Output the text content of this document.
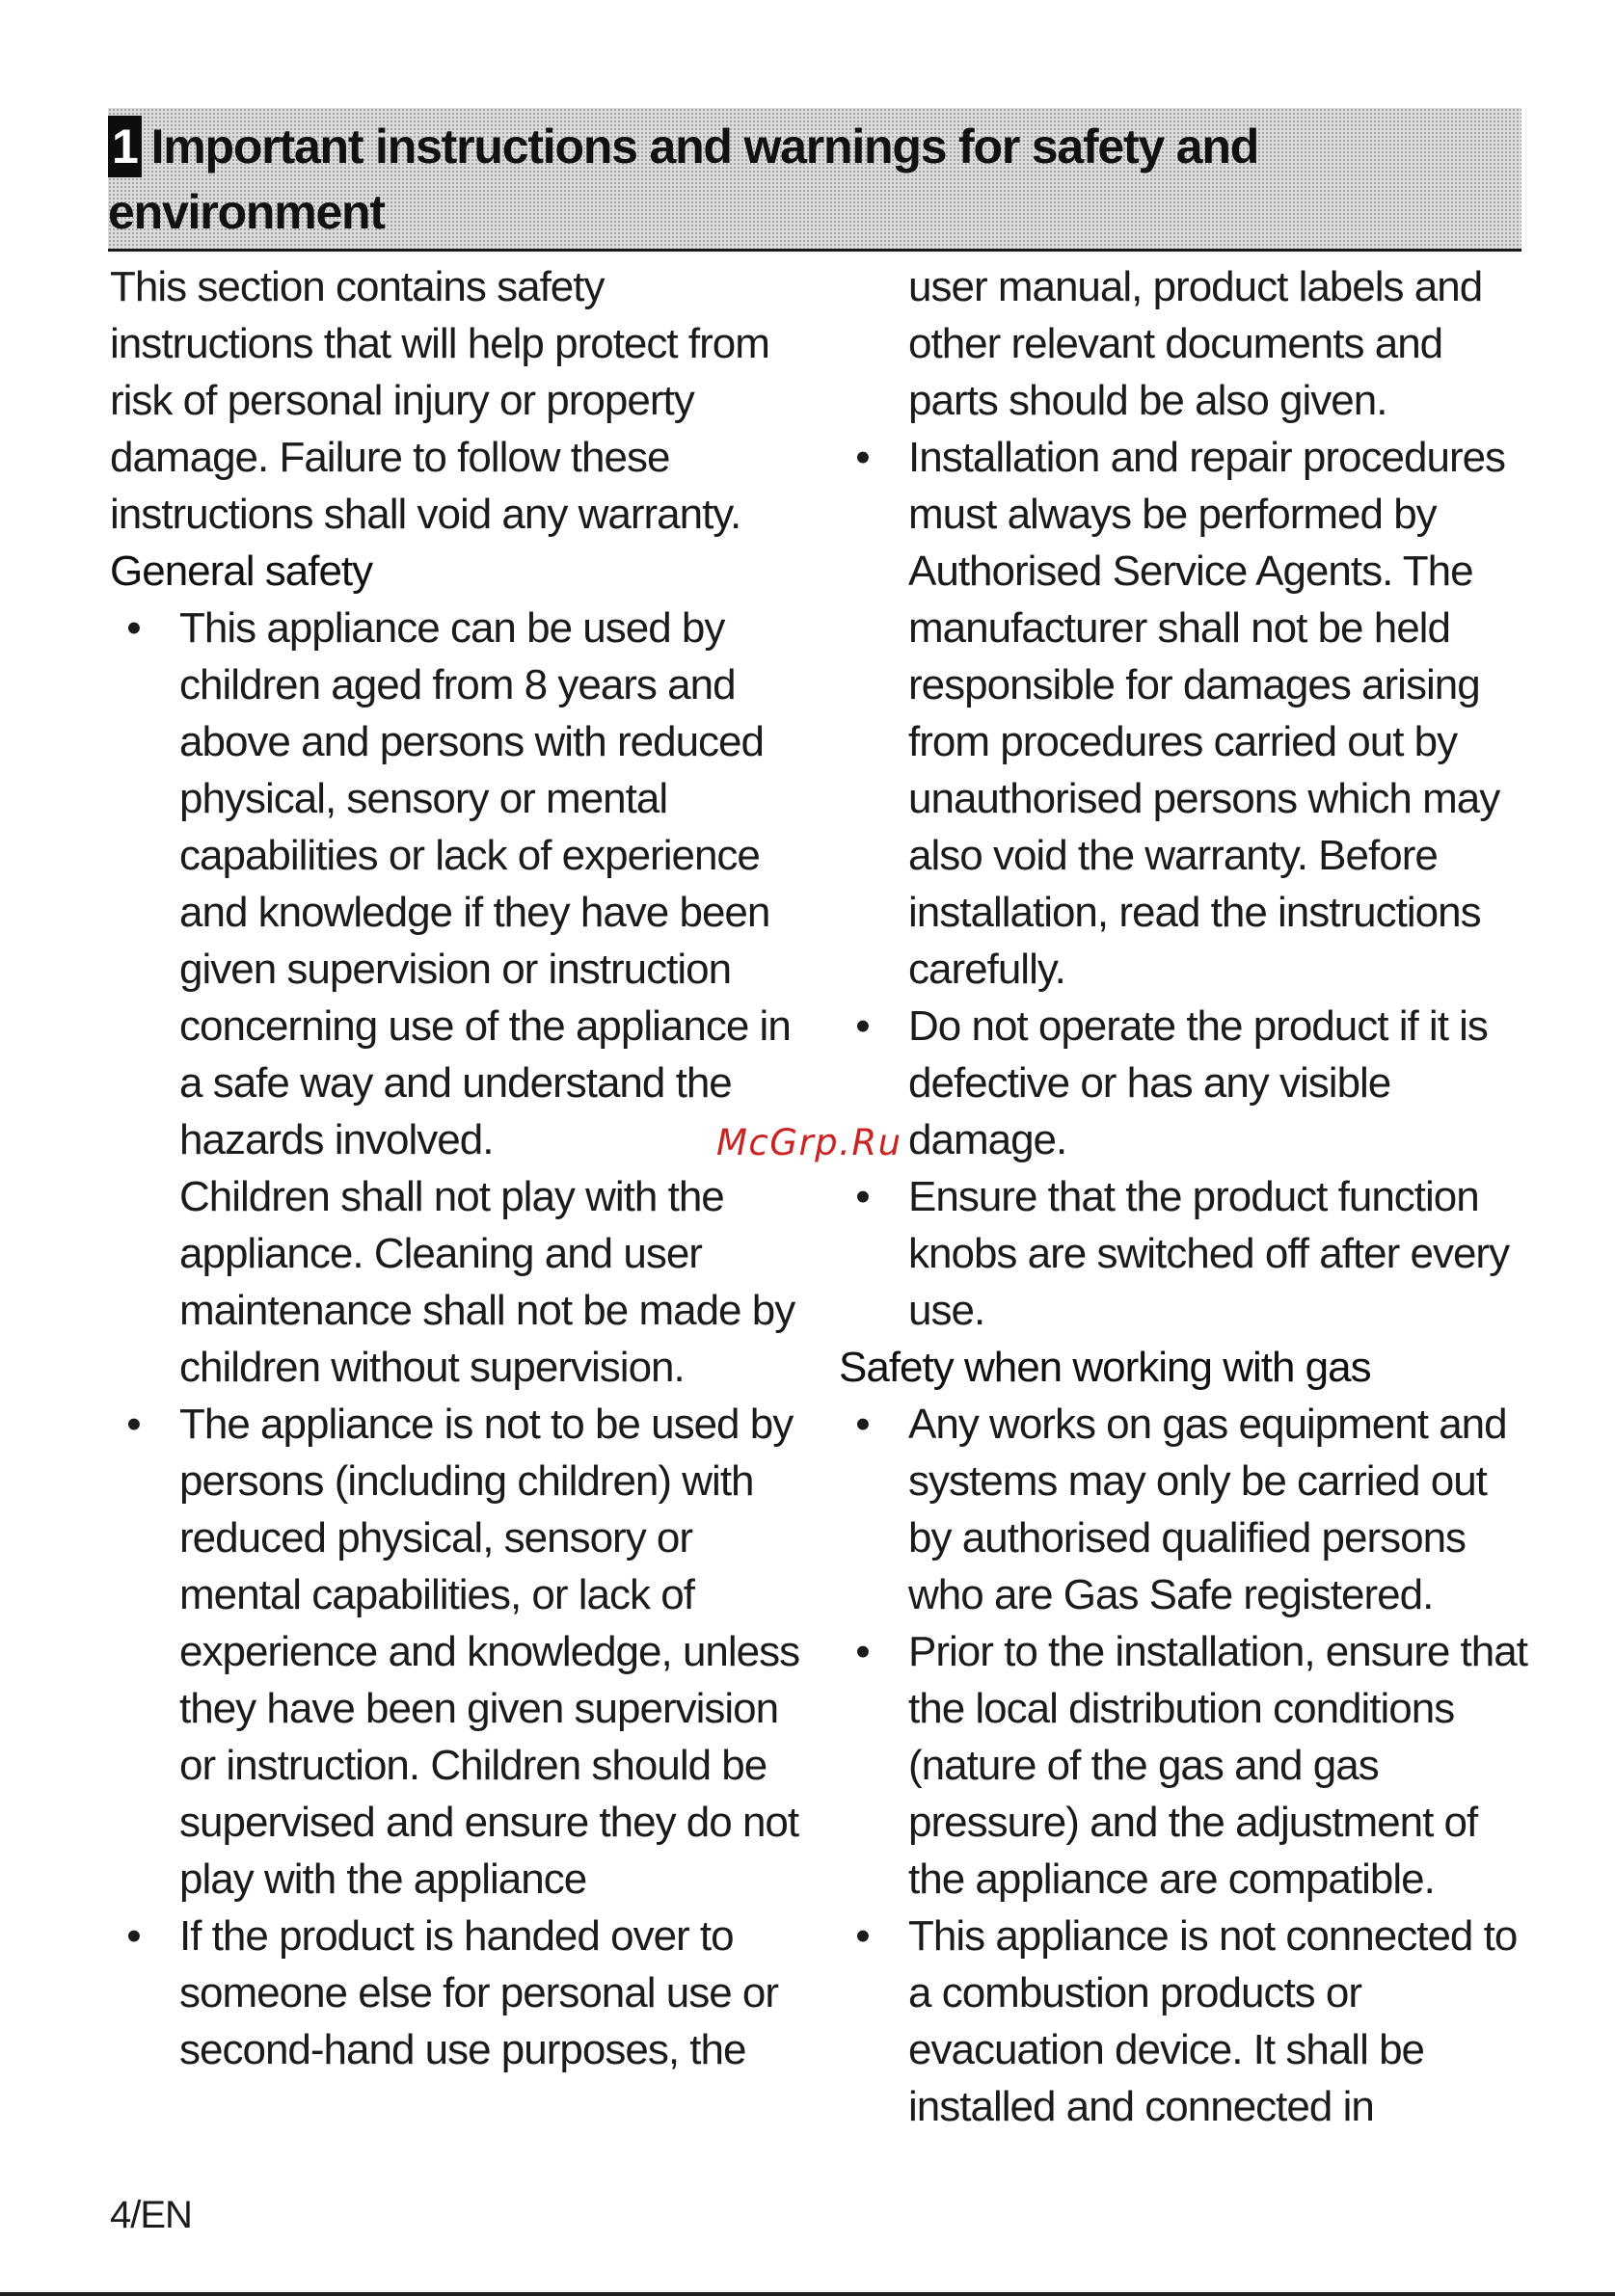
1 Important instructions and warnings for safety and
environment

This section contains safety instructions that will help protect from risk of personal injury or property damage. Failure to follow these instructions shall void any warranty.

General safety

• This appliance can be used by children aged from 8 years and above and persons with reduced physical, sensory or mental capabilities or lack of experience and knowledge if they have been given supervision or instruction concerning use of the appliance in a safe way and understand the hazards involved.

Children shall not play with the appliance. Cleaning and user maintenance shall not be made by children without supervision.

• The appliance is not to be used by persons (including children) with reduced physical, sensory or mental capabilities, or lack of experience and knowledge, unless they have been given supervision or instruction. Children should be supervised and ensure they do not play with the appliance
• If the product is handed over to someone else for personal use or second-hand use purposes, the
user manual, product labels and other relevant documents and parts should be also given.
• Installation and repair procedures must always be performed by Authorised Service Agents. The manufacturer shall not be held responsible for damages arising from procedures carried out by unauthorised persons which may also void the warranty. Before installation, read the instructions carefully.
• Do not operate the product if it is defective or has any visible damage.
• Ensure that the product function knobs are switched off after every use.

Safety when working with gas

• Any works on gas equipment and systems may only be carried out by authorised qualified persons who are Gas Safe registered.
• Prior to the installation, ensure that the local distribution conditions (nature of the gas and gas pressure) and the adjustment of the appliance are compatible.
• This appliance is not connected to a combustion products or evacuation device. It shall be installed and connected in
McGrp.Ru
4/EN
